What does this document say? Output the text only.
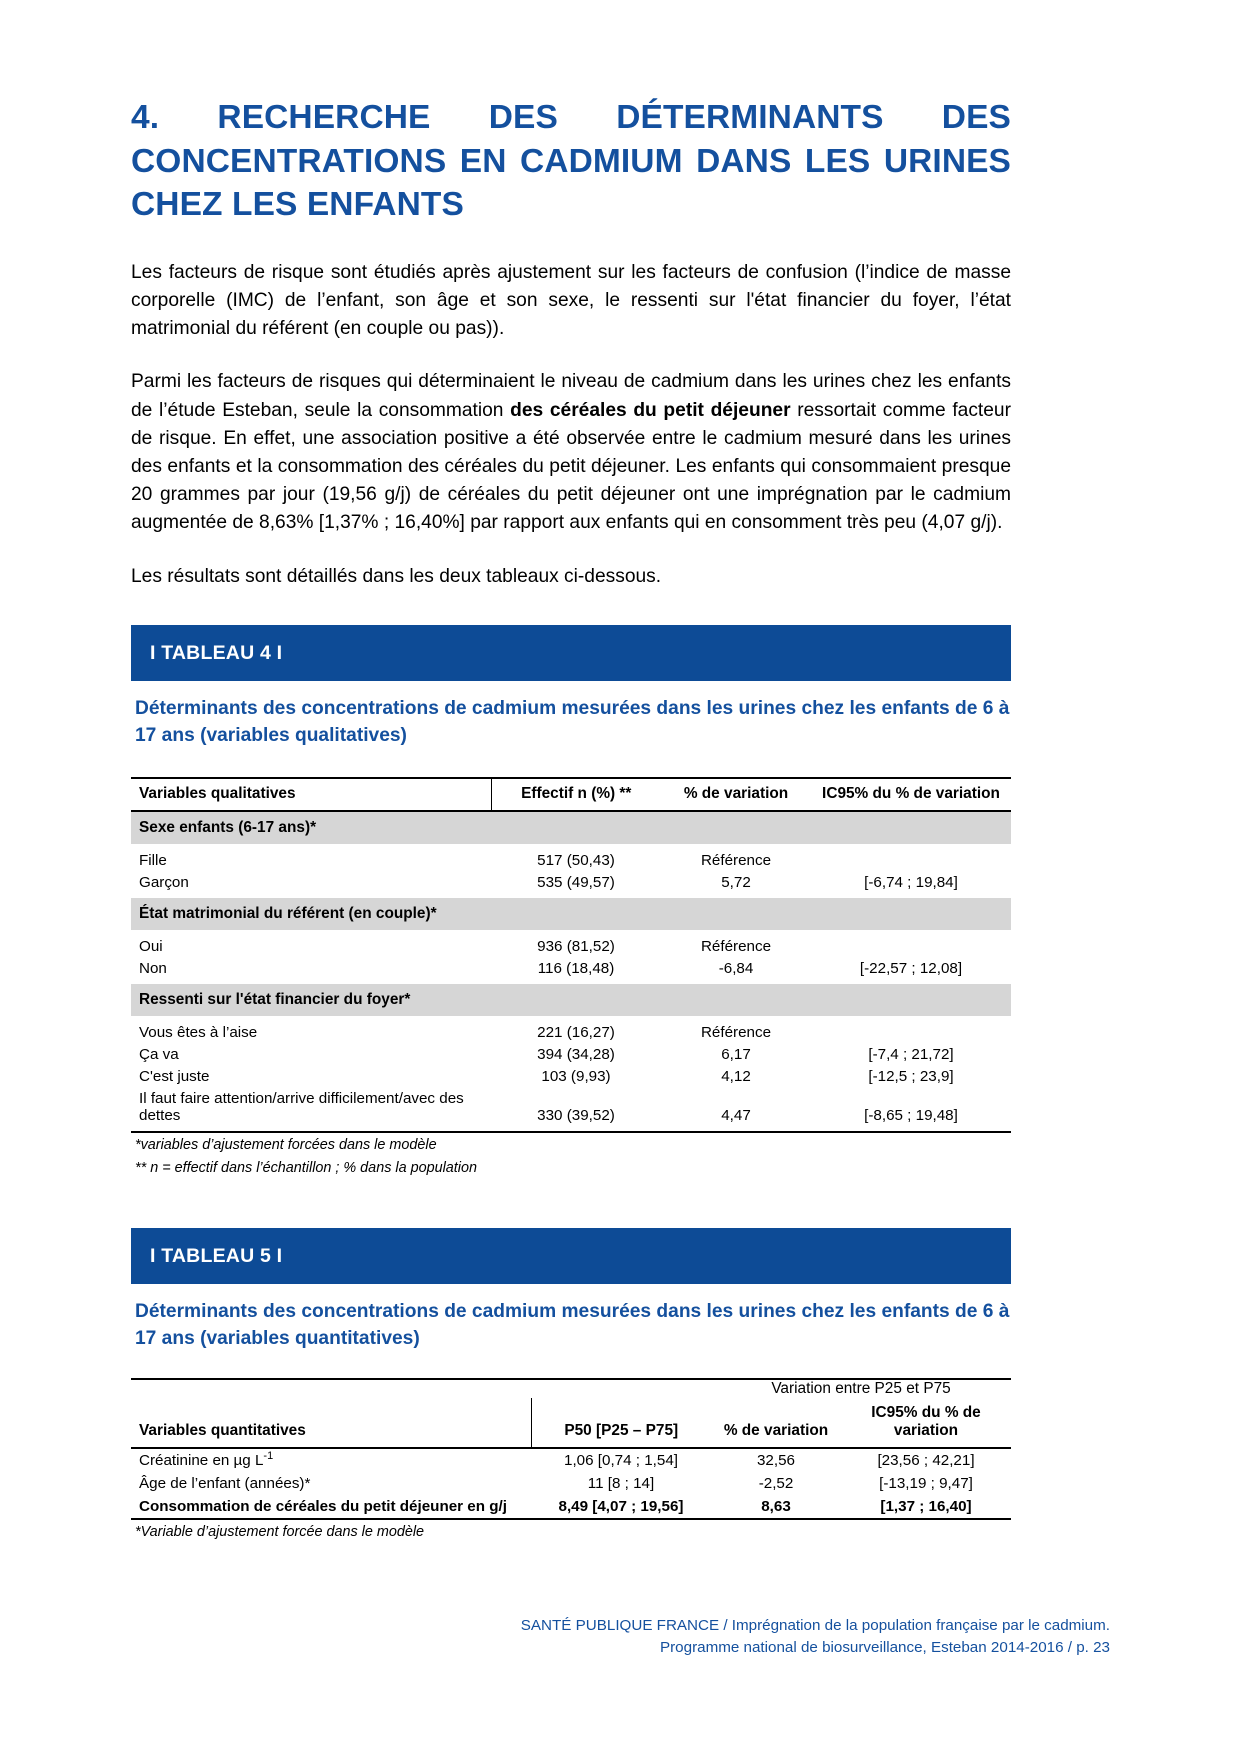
4. RECHERCHE DES DÉTERMINANTS DES CONCENTRATIONS EN CADMIUM DANS LES URINES CHEZ LES ENFANTS

Les facteurs de risque sont étudiés après ajustement sur les facteurs de confusion (l’indice de masse corporelle (IMC) de l’enfant, son âge et son sexe, le ressenti sur l'état financier du foyer, l’état matrimonial du référent (en couple ou pas)).

Parmi les facteurs de risques qui déterminaient le niveau de cadmium dans les urines chez les enfants de l’étude Esteban, seule la consommation des céréales du petit déjeuner ressortait comme facteur de risque. En effet, une association positive a été observée entre le cadmium mesuré dans les urines des enfants et la consommation des céréales du petit déjeuner. Les enfants qui consommaient presque 20 grammes par jour (19,56 g/j) de céréales du petit déjeuner ont une imprégnation par le cadmium augmentée de 8,63% [1,37% ; 16,40%] par rapport aux enfants qui en consomment très peu (4,07 g/j).

Les résultats sont détaillés dans les deux tableaux ci-dessous.

I TABLEAU 4 I
Déterminants des concentrations de cadmium mesurées dans les urines chez les enfants de 6 à 17 ans (variables qualitatives)
Variables qualitatives	Effectif n (%) **	% de variation	IC95% du % de variation
Sexe enfants (6-17 ans)*			
Fille	517 (50,43)	Référence	
Garçon	535 (49,57)	5,72	[-6,74 ; 19,84]
État matrimonial du référent (en couple)*			
Oui	936 (81,52)	Référence	
Non	116 (18,48)	-6,84	[-22,57 ; 12,08]
Ressenti sur l'état financier du foyer*			
Vous êtes à l’aise	221 (16,27)	Référence	
Ça va	394 (34,28)	6,17	[-7,4 ; 21,72]
C'est juste	103 (9,93)	4,12	[-12,5 ; 23,9]
Il faut faire attention/arrive difficilement/avec des dettes	330 (39,52)	4,47	[-8,65 ; 19,48]
*variables d’ajustement forcées dans le modèle
** n = effectif dans l’échantillon ; % dans la population
I TABLEAU 5 I
Déterminants des concentrations de cadmium mesurées dans les urines chez les enfants de 6 à 17 ans (variables quantitatives)
		Variation entre P25 et P75	
Variables quantitatives	P50 [P25 – P75]	% de variation	IC95% du % de variation
Créatinine en µg $L^{-1}$	1,06 [0,74 ; 1,54]	32,56	[23,56 ; 42,21]
Âge de l’enfant (années)*	11 [8 ; 14]	-2,52	[-13,19 ; 9,47]
Consommation de céréales du petit déjeuner en g/j	8,49 [4,07 ; 19,56]	8,63	[1,37 ; 16,40]
*Variable d’ajustement forcée dans le modèle
SANTÉ PUBLIQUE FRANCE / Imprégnation de la population française par le cadmium.
Programme national de biosurveillance, Esteban 2014-2016 / p. 23
